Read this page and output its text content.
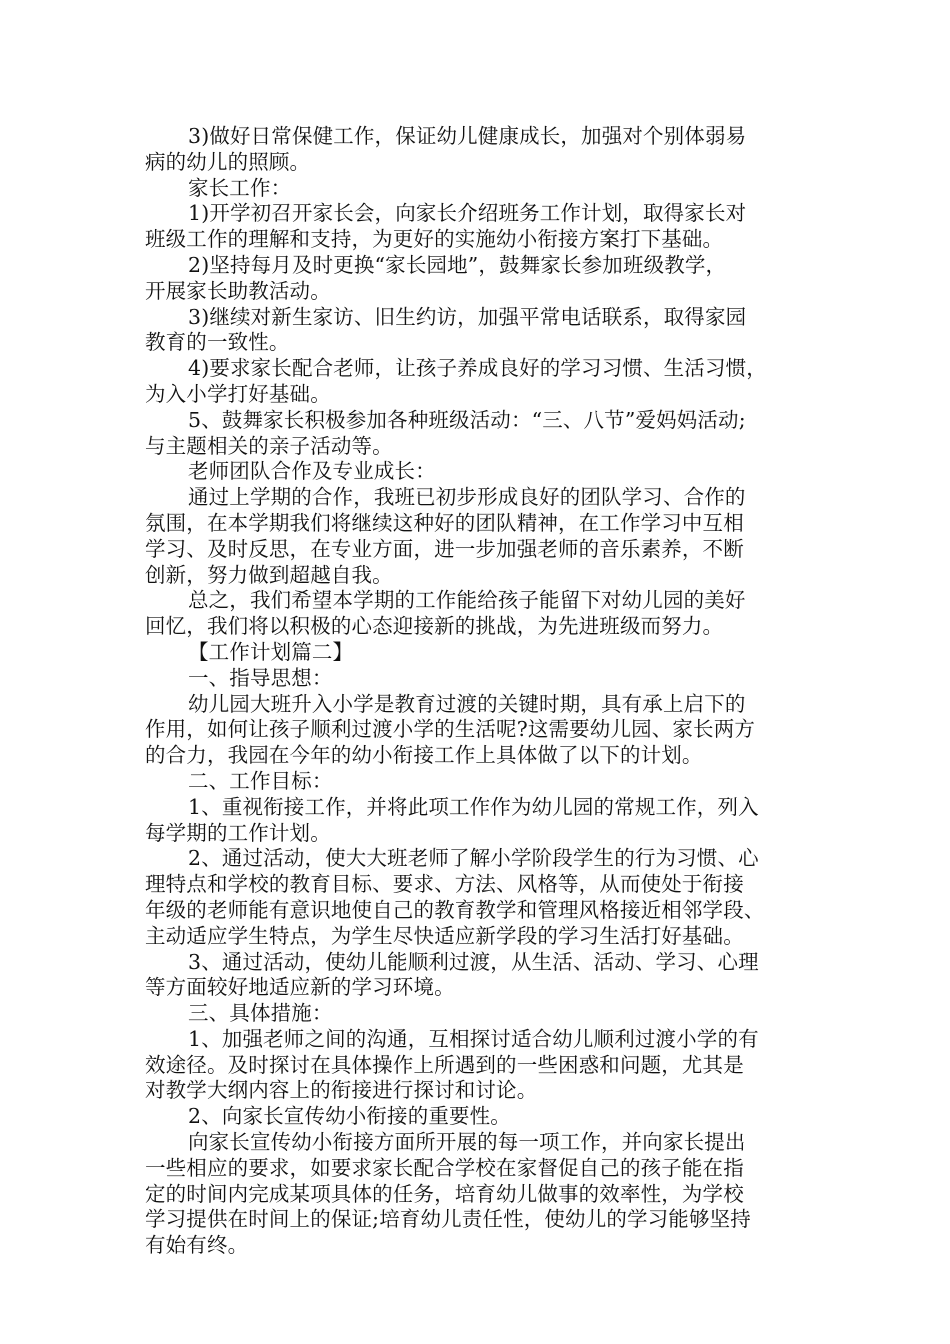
3)做好日常保健工作，保证幼儿健康成长，加强对个别体弱易
病的幼儿的照顾。
家长工作：
1)开学初召开家长会，向家长介绍班务工作计划，取得家长对
班级工作的理解和支持，为更好的实施幼小衔接方案打下基础。
2)坚持每月及时更换“家长园地”，鼓舞家长参加班级教学，
开展家长助教活动。
3)继续对新生家访、旧生约访，加强平常电话联系，取得家园
教育的一致性。
4)要求家长配合老师，让孩子养成良好的学习习惯、生活习惯，
为入小学打好基础。
5、鼓舞家长积极参加各种班级活动：“三、八节”爱妈妈活动;
与主题相关的亲子活动等。
老师团队合作及专业成长：
通过上学期的合作，我班已初步形成良好的团队学习、合作的
氛围，在本学期我们将继续这种好的团队精神，在工作学习中互相
学习、及时反思，在专业方面，进一步加强老师的音乐素养，不断
创新，努力做到超越自我。
总之，我们希望本学期的工作能给孩子能留下对幼儿园的美好
回忆，我们将以积极的心态迎接新的挑战，为先进班级而努力。
【工作计划篇二】
一、指导思想：
幼儿园大班升入小学是教育过渡的关键时期，具有承上启下的
作用，如何让孩子顺利过渡小学的生活呢?这需要幼儿园、家长两方
的合力，我园在今年的幼小衔接工作上具体做了以下的计划。
二、工作目标：
1、重视衔接工作，并将此项工作作为幼儿园的常规工作，列入
每学期的工作计划。
2、通过活动，使大大班老师了解小学阶段学生的行为习惯、心
理特点和学校的教育目标、要求、方法、风格等，从而使处于衔接
年级的老师能有意识地使自己的教育教学和管理风格接近相邻学段、
主动适应学生特点，为学生尽快适应新学段的学习生活打好基础。
3、通过活动，使幼儿能顺利过渡，从生活、活动、学习、心理
等方面较好地适应新的学习环境。
三、具体措施：
1、加强老师之间的沟通，互相探讨适合幼儿顺利过渡小学的有
效途径。及时探讨在具体操作上所遇到的一些困惑和问题，尤其是
对教学大纲内容上的衔接进行探讨和讨论。
2、向家长宣传幼小衔接的重要性。
向家长宣传幼小衔接方面所开展的每一项工作，并向家长提出
一些相应的要求，如要求家长配合学校在家督促自己的孩子能在指
定的时间内完成某项具体的任务，培育幼儿做事的效率性，为学校
学习提供在时间上的保证;培育幼儿责任性，使幼儿的学习能够坚持
有始有终。
